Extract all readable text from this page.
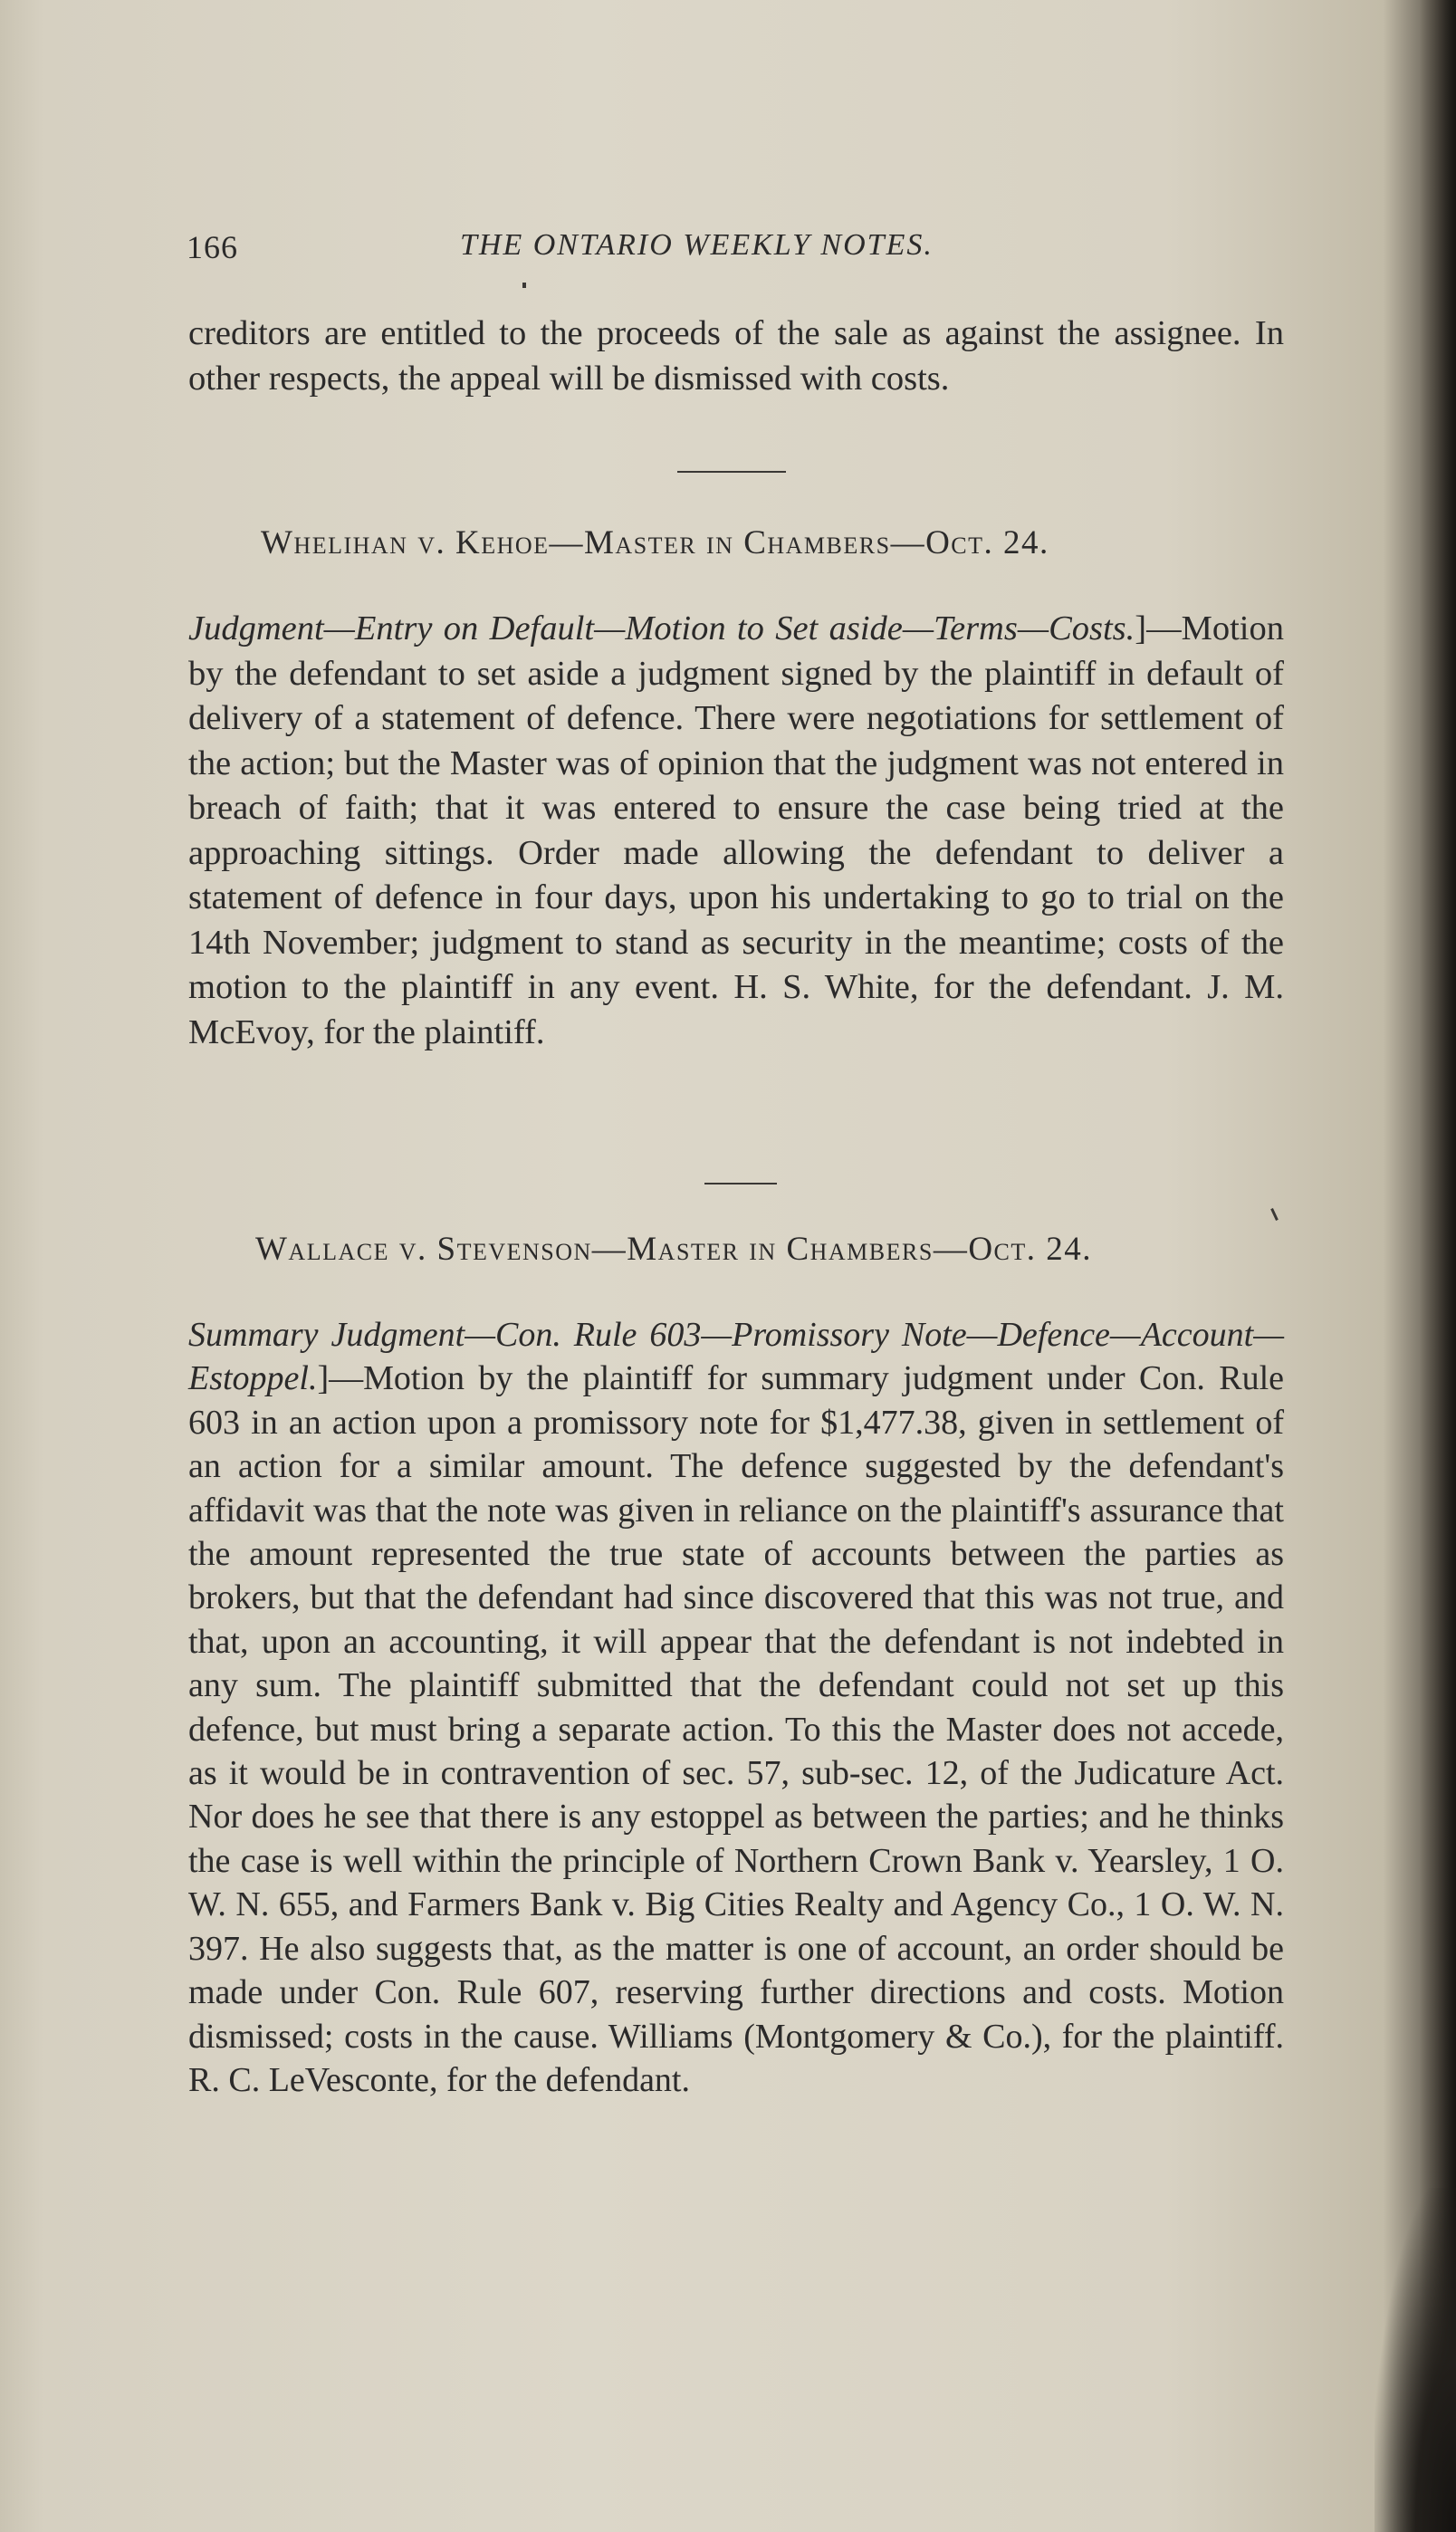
166	THE ONTARIO WEEKLY NOTES.

creditors are entitled to the proceeds of the sale as against the assignee. In other respects, the appeal will be dismissed with costs.

Whelihan v. Kehoe—Master in Chambers—Oct. 24.

Judgment—Entry on Default—Motion to Set aside—Terms—Costs.]—Motion by the defendant to set aside a judgment signed by the plaintiff in default of delivery of a statement of defence. There were negotiations for settlement of the action; but the Master was of opinion that the judgment was not entered in breach of faith; that it was entered to ensure the case being tried at the approaching sittings. Order made allowing the defendant to deliver a statement of defence in four days, upon his undertaking to go to trial on the 14th November; judgment to stand as security in the meantime; costs of the motion to the plaintiff in any event. H. S. White, for the defendant. J. M. McEvoy, for the plaintiff.

Wallace v. Stevenson—Master in Chambers—Oct. 24.

Summary Judgment—Con. Rule 603—Promissory Note—Defence—Account—Estoppel.]—Motion by the plaintiff for summary judgment under Con. Rule 603 in an action upon a promissory note for $1,477.38, given in settlement of an action for a similar amount. The defence suggested by the defendant's affidavit was that the note was given in reliance on the plaintiff's assurance that the amount represented the true state of accounts between the parties as brokers, but that the defendant had since discovered that this was not true, and that, upon an accounting, it will appear that the defendant is not indebted in any sum. The plaintiff submitted that the defendant could not set up this defence, but must bring a separate action. To this the Master does not accede, as it would be in contravention of sec. 57, sub-sec. 12, of the Judicature Act. Nor does he see that there is any estoppel as between the parties; and he thinks the case is well within the principle of Northern Crown Bank v. Yearsley, 1 O. W. N. 655, and Farmers Bank v. Big Cities Realty and Agency Co., 1 O. W. N. 397. He also suggests that, as the matter is one of account, an order should be made under Con. Rule 607, reserving further directions and costs. Motion dismissed; costs in the cause. Williams (Montgomery & Co.), for the plaintiff. R. C. LeVesconte, for the defendant.
